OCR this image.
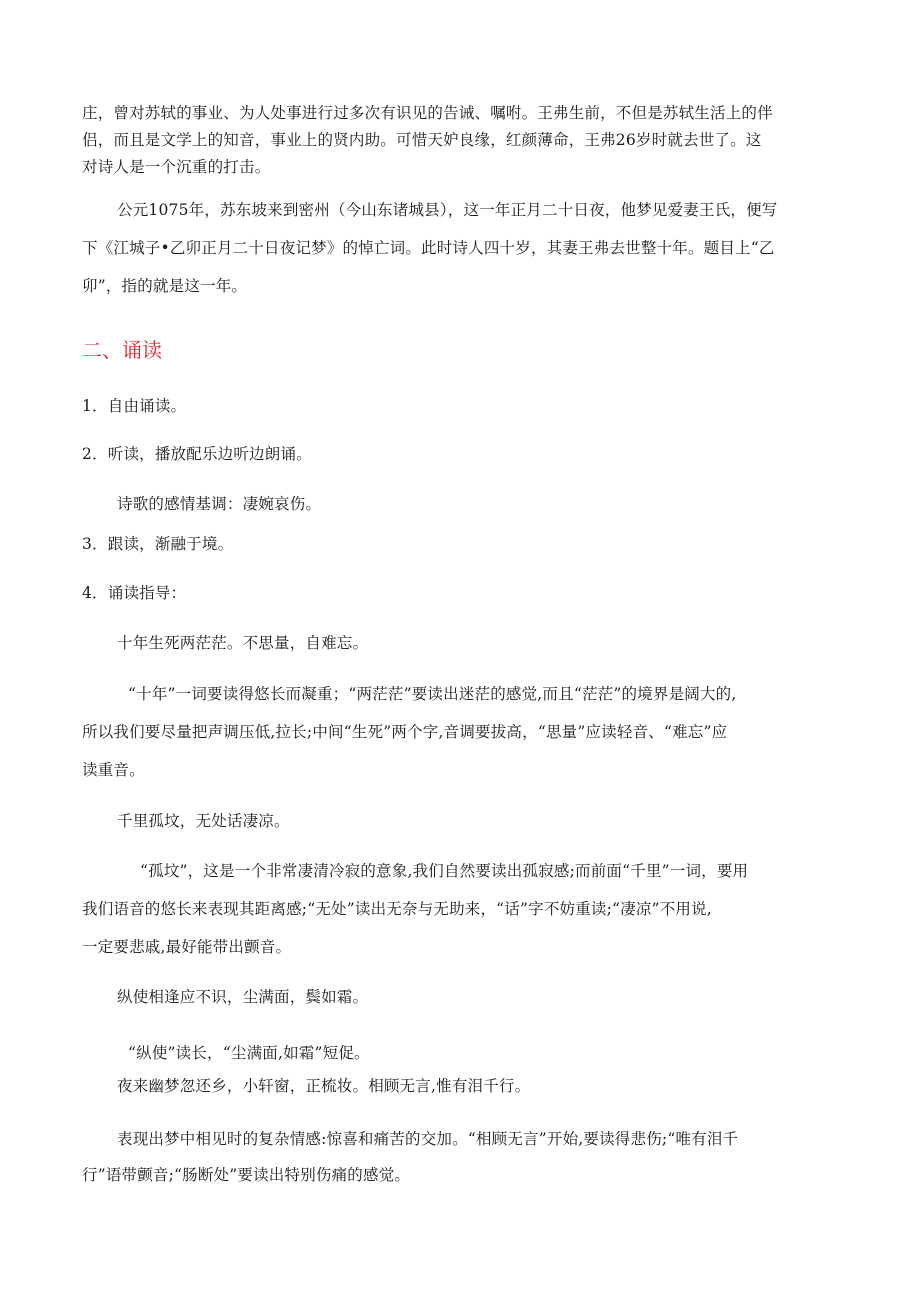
庄，曾对苏轼的事业、为人处事进行过多次有识见的告诫、嘱咐。王弗生前，不但是苏轼生活上的伴
侣，而且是文学上的知音，事业上的贤内助。可惜天妒良缘，红颜薄命，王弗26岁时就去世了。这
对诗人是一个沉重的打击。
公元1075年，苏东坡来到密州（今山东诸城县），这一年正月二十日夜，他梦见爱妻王氏，便写
下《江城子•乙卯正月二十日夜记梦》的悼亡词。此时诗人四十岁，其妻王弗去世整十年。题目上“乙
卯”，指的就是这一年。
二、诵读
1．自由诵读。
2．听读，播放配乐边听边朗诵。
诗歌的感情基调：凄婉哀伤。
3．跟读，渐融于境。
4．诵读指导：
十年生死两茫茫。不思量，自难忘。
“十年”一词要读得悠长而凝重；“两茫茫”要读出迷茫的感觉,而且“茫茫”的境界是阔大的,
所以我们要尽量把声调压低,拉长;中间“生死”两个字,音调要拔高，“思量”应读轻音、“难忘”应
读重音。
千里孤坟，无处话凄凉。
“孤坟”，这是一个非常凄清冷寂的意象,我们自然要读出孤寂感;而前面“千里”一词，要用
我们语音的悠长来表现其距离感;“无处”读出无奈与无助来，“话”字不妨重读;“凄凉”不用说,
一定要悲戚,最好能带出颤音。
纵使相逢应不识，尘满面，鬓如霜。
“纵使”读长，“尘满面,如霜”短促。
夜来幽梦忽还乡，小轩窗，正梳妆。相顾无言,惟有泪千行。
表现出梦中相见时的复杂情感:惊喜和痛苦的交加。“相顾无言”开始,要读得悲伤;“唯有泪千
行”语带颤音;“肠断处”要读出特别伤痛的感觉。
